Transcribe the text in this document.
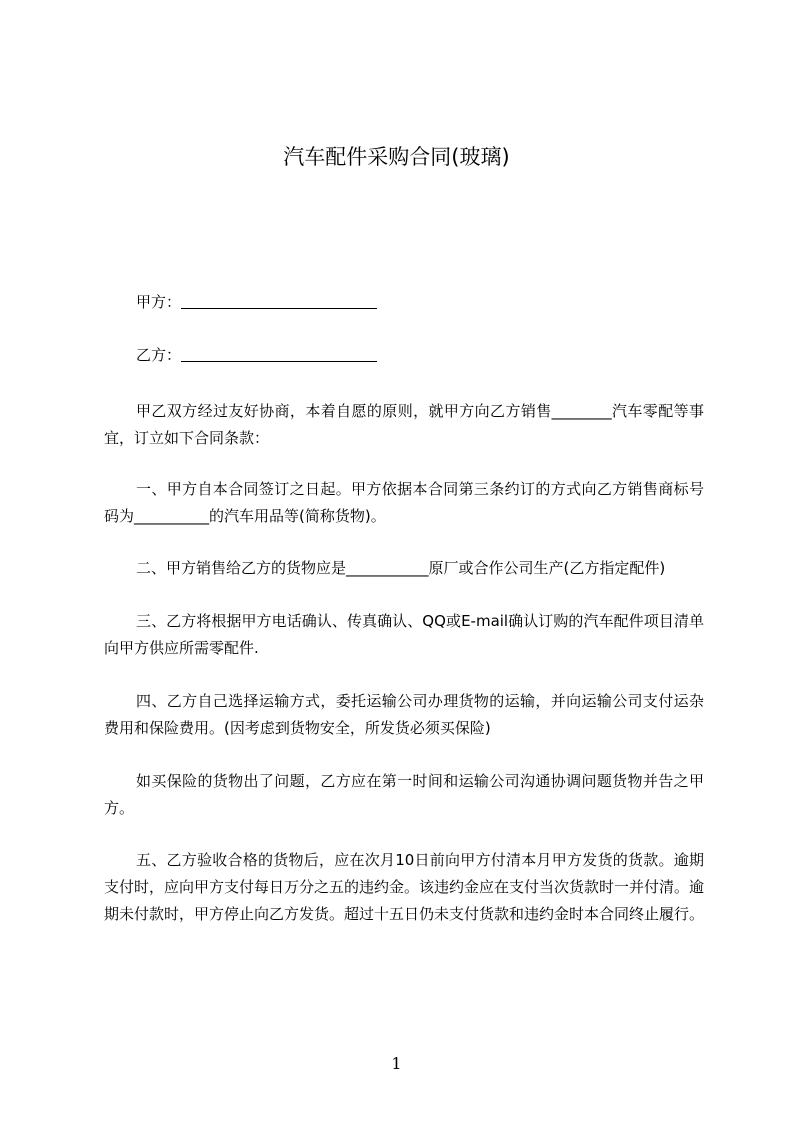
汽车配件采购合同(玻璃)
甲方：
乙方：

甲乙双方经过友好协商，本着自愿的原则，就甲方向乙方销售________汽车零配等事宜，订立如下合同条款：

一、甲方自本合同签订之日起。甲方依据本合同第三条约订的方式向乙方销售商标号码为__________的汽车用品等(简称货物)。

二、甲方销售给乙方的货物应是___________原厂或合作公司生产(乙方指定配件)

三、乙方将根据甲方电话确认、传真确认、QQ或E-mail确认订购的汽车配件项目清单向甲方供应所需零配件.

四、乙方自己选择运输方式，委托运输公司办理货物的运输，并向运输公司支付运杂费用和保险费用。(因考虑到货物安全，所发货必须买保险)

如买保险的货物出了问题，乙方应在第一时间和运输公司沟通协调问题货物并告之甲方。

五、乙方验收合格的货物后，应在次月10日前向甲方付清本月甲方发货的货款。逾期支付时，应向甲方支付每日万分之五的违约金。该违约金应在支付当次货款时一并付清。逾期未付款时，甲方停止向乙方发货。超过十五日仍未支付货款和违约金时本合同终止履行。

1
